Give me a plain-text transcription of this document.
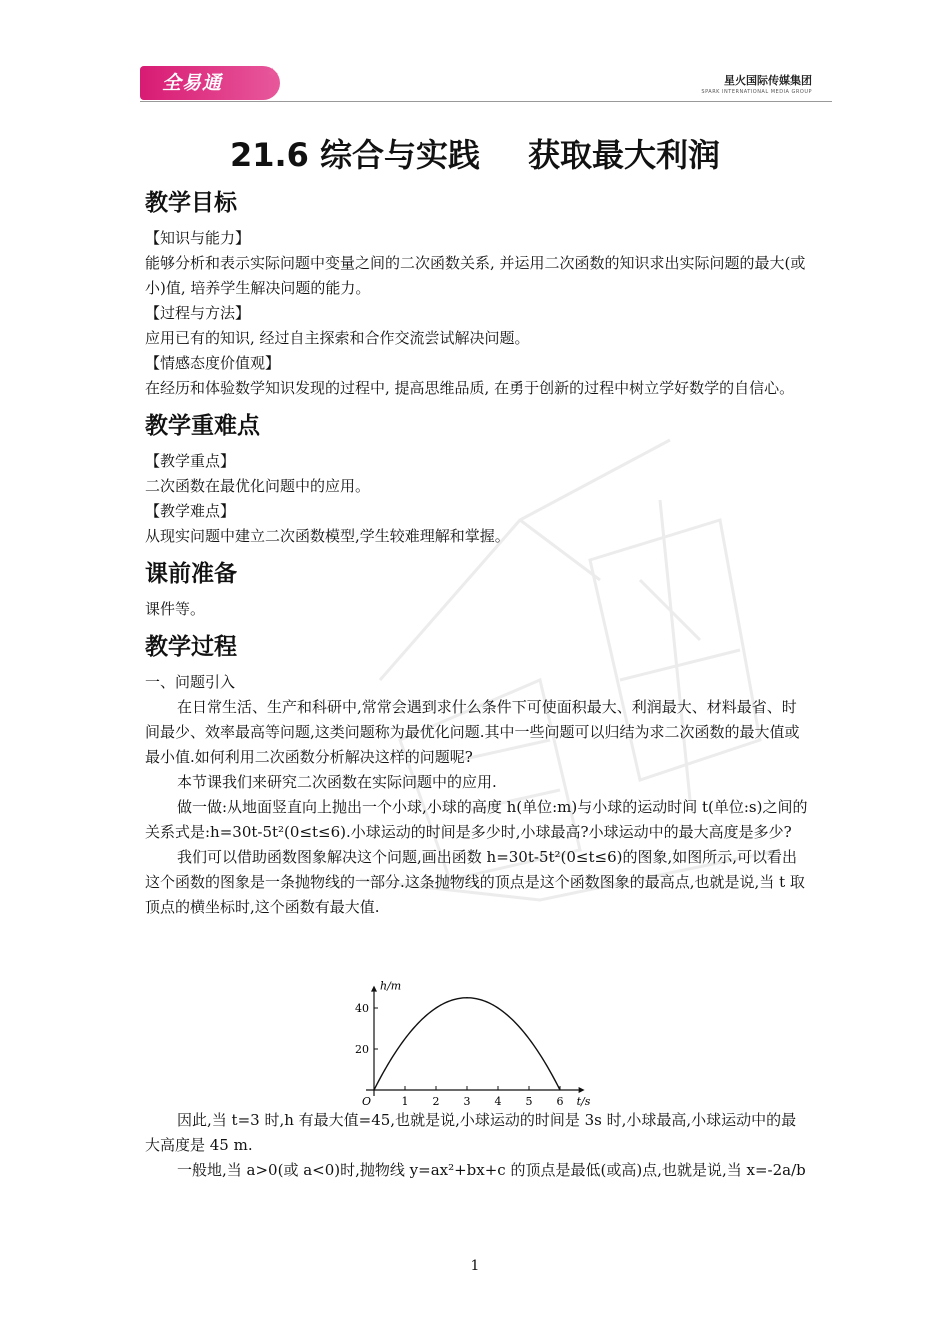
全易通	✦	星火国际传媒集团
SPARK INTERNATIONAL MEDIA GROUP
21.6 综合与实践 获取最大利润
教学目标

【知识与能力】

能够分析和表示实际问题中变量之间的二次函数关系, 并运用二次函数的知识求出实际问题的最大(或小)值, 培养学生解决问题的能力。

【过程与方法】

应用已有的知识, 经过自主探索和合作交流尝试解决问题。

【情感态度价值观】

在经历和体验数学知识发现的过程中, 提高思维品质, 在勇于创新的过程中树立学好数学的自信心。

教学重难点

【教学重点】

二次函数在最优化问题中的应用。

【教学难点】

从现实问题中建立二次函数模型,学生较难理解和掌握。

课前准备

课件等。

教学过程

一、问题引入

在日常生活、生产和科研中,常常会遇到求什么条件下可使面积最大、利润最大、材料最省、时间最少、效率最高等问题,这类问题称为最优化问题.其中一些问题可以归结为求二次函数的最大值或最小值.如何利用二次函数分析解决这样的问题呢?

本节课我们来研究二次函数在实际问题中的应用.

做一做:从地面竖直向上抛出一个小球,小球的高度 h(单位:m)与小球的运动时间 t(单位:s)之间的关系式是:h=30t-5t²(0≤t≤6).小球运动的时间是多少时,小球最高?小球运动中的最大高度是多少?

我们可以借助函数图象解决这个问题,画出函数 h=30t-5t²(0≤t≤6)的图象,如图所示,可以看出这个函数的图象是一条抛物线的一部分.这条抛物线的顶点是这个函数图象的最高点,也就是说,当 t 取顶点的横坐标时,这个函数有最大值.

因此,当 t=3 时,h 有最大值=45,也就是说,小球运动的时间是 3s 时,小球最高,小球运动中的最大高度是 45 m.

一般地,当 a>0(或 a<0)时,抛物线 y=ax²+bx+c 的顶点是最低(或高)点,也就是说,当 x=-2a/b

1 2 3 4 5 6
20
40
t/s
h/m
O
1
